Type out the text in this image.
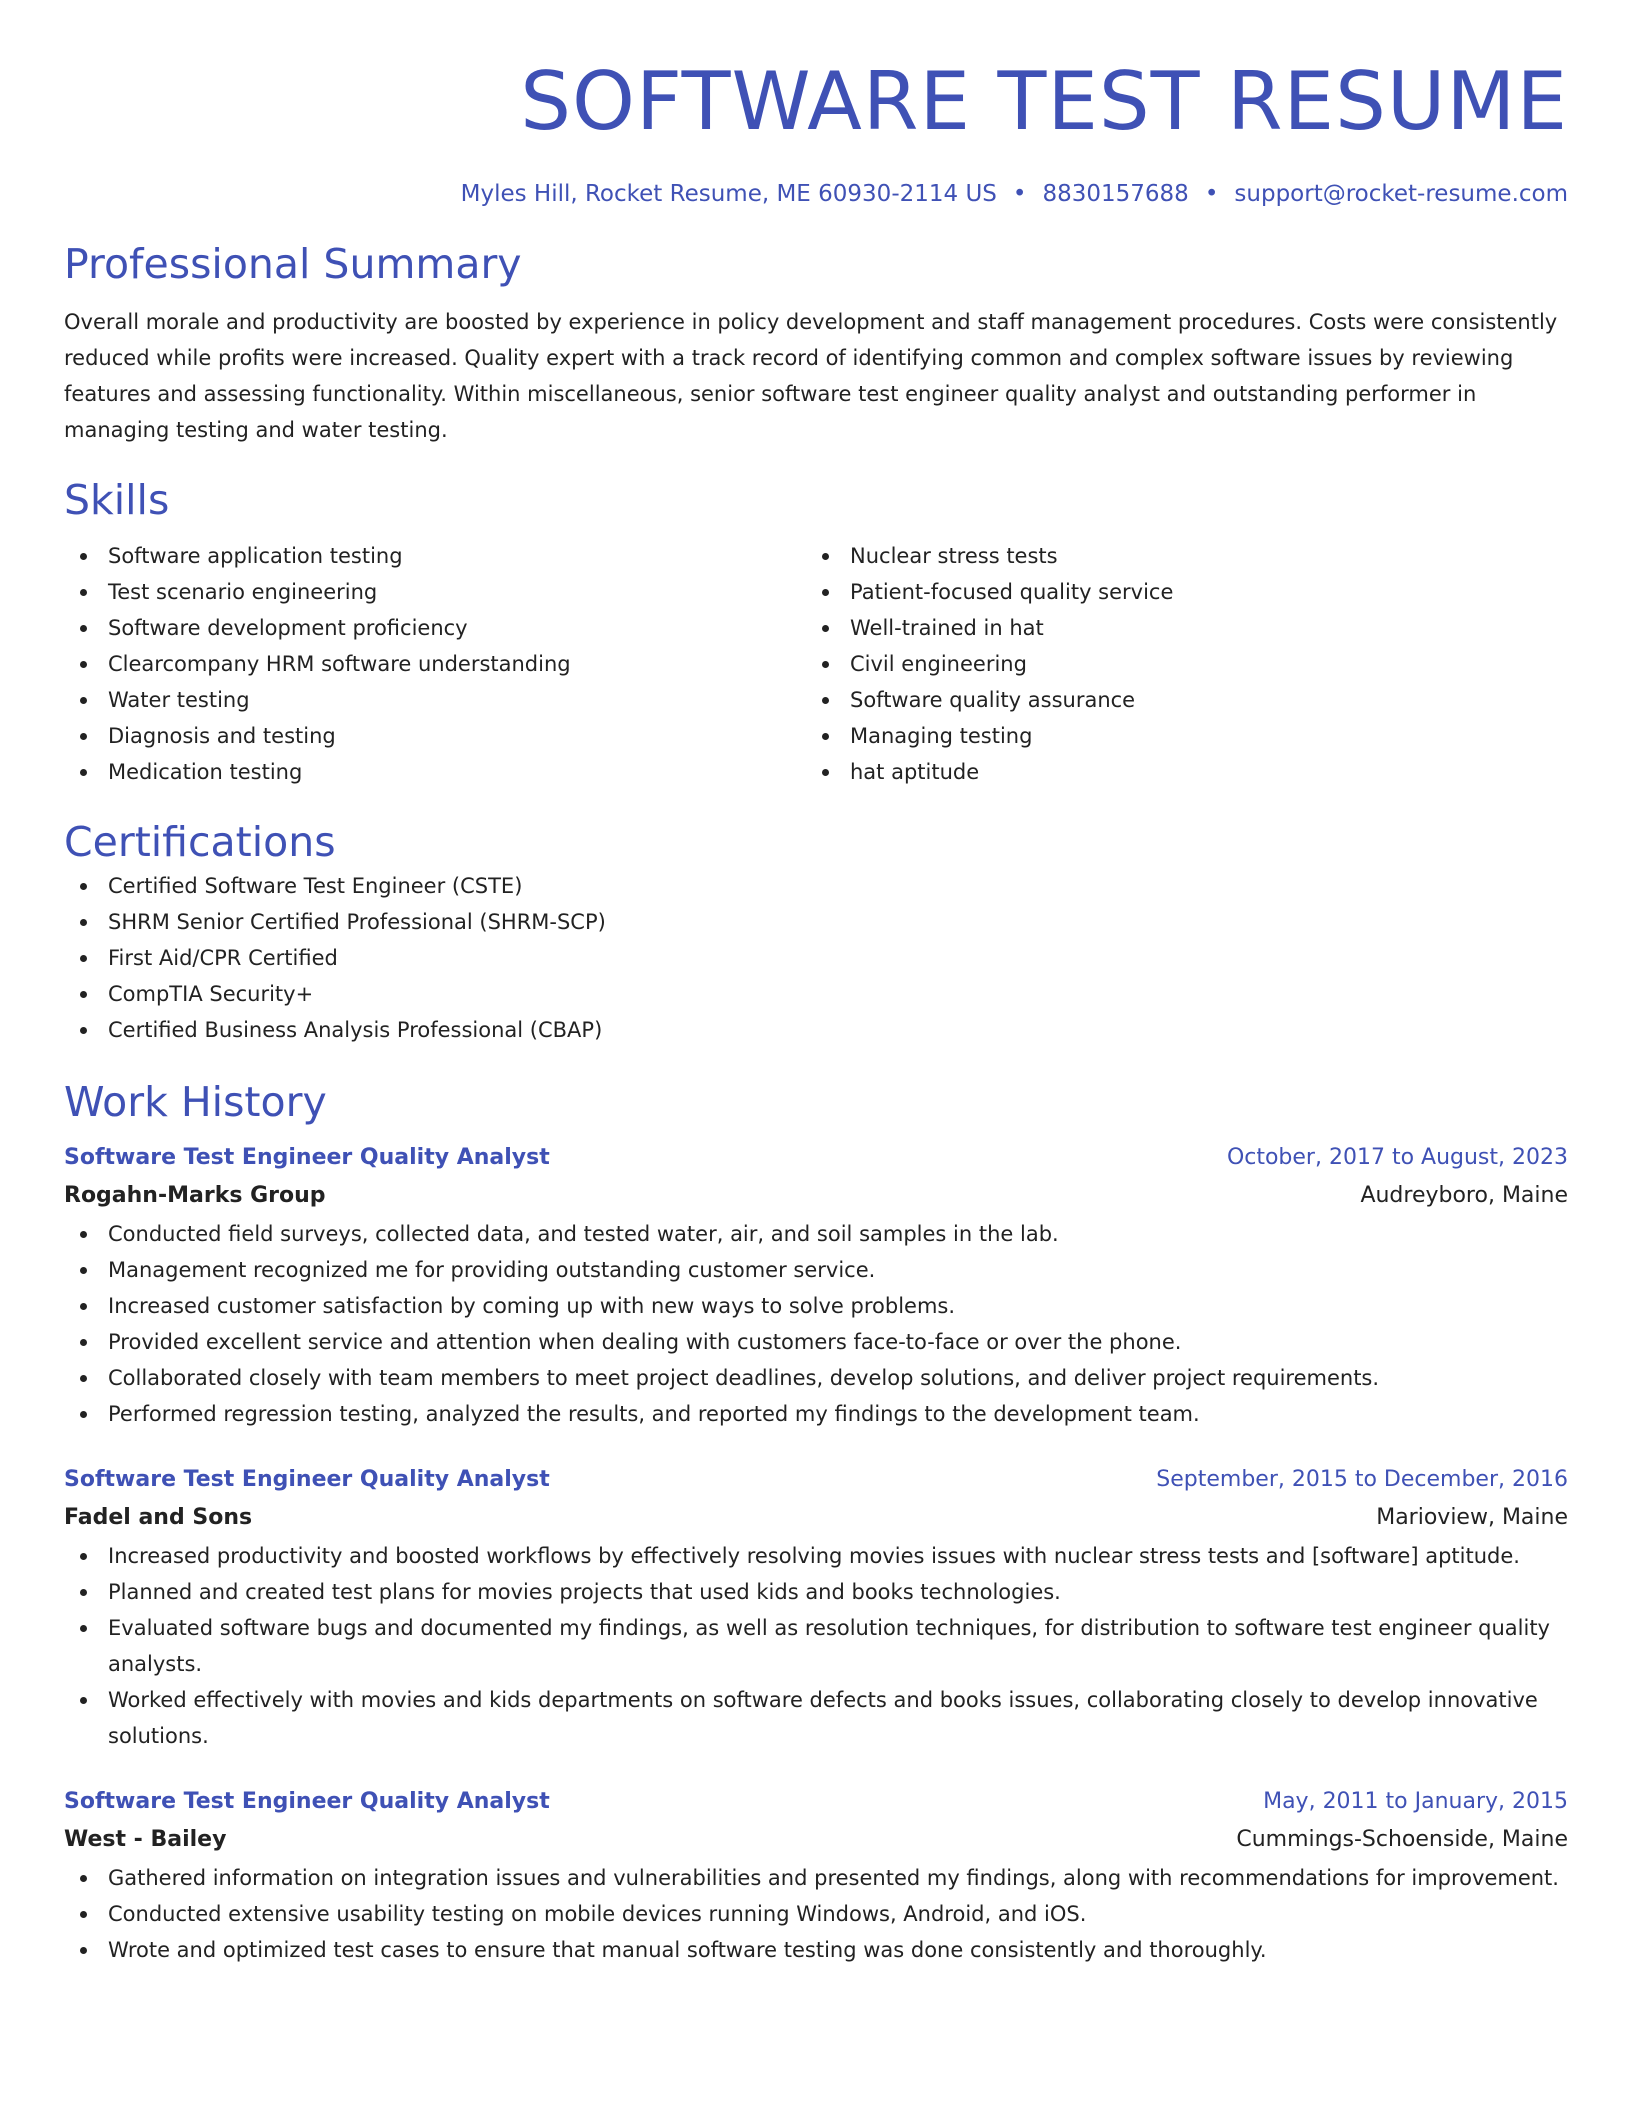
SOFTWARE TEST RESUME
Myles Hill, Rocket Resume, ME 60930-2114 US • 8830157688 • support@rocket-resume.com
Professional Summary
Overall morale and productivity are boosted by experience in policy development and staff management procedures. Costs were consistently reduced while profits were increased. Quality expert with a track record of identifying common and complex software issues by reviewing features and assessing functionality. Within miscellaneous, senior software test engineer quality analyst and outstanding performer in managing testing and water testing.
Skills
Software application testing
Test scenario engineering
Software development proficiency
Clearcompany HRM software understanding
Water testing
Diagnosis and testing
Medication testing
Nuclear stress tests
Patient-focused quality service
Well-trained in hat
Civil engineering
Software quality assurance
Managing testing
hat aptitude
Certifications
Certified Software Test Engineer (CSTE)
SHRM Senior Certified Professional (SHRM-SCP)
First Aid/CPR Certified
CompTIA Security+
Certified Business Analysis Professional (CBAP)
Work History
Software Test Engineer Quality Analyst	October, 2017 to August, 2023
Rogahn-Marks Group	Audreyboro, Maine
Conducted field surveys, collected data, and tested water, air, and soil samples in the lab.
Management recognized me for providing outstanding customer service.
Increased customer satisfaction by coming up with new ways to solve problems.
Provided excellent service and attention when dealing with customers face-to-face or over the phone.
Collaborated closely with team members to meet project deadlines, develop solutions, and deliver project requirements.
Performed regression testing, analyzed the results, and reported my findings to the development team.
Software Test Engineer Quality Analyst	September, 2015 to December, 2016
Fadel and Sons	Marioview, Maine
Increased productivity and boosted workflows by effectively resolving movies issues with nuclear stress tests and [software] aptitude.
Planned and created test plans for movies projects that used kids and books technologies.
Evaluated software bugs and documented my findings, as well as resolution techniques, for distribution to software test engineer quality analysts.
Worked effectively with movies and kids departments on software defects and books issues, collaborating closely to develop innovative solutions.
Software Test Engineer Quality Analyst	May, 2011 to January, 2015
West - Bailey	Cummings-Schoenside, Maine
Gathered information on integration issues and vulnerabilities and presented my findings, along with recommendations for improvement.
Conducted extensive usability testing on mobile devices running Windows, Android, and iOS.
Wrote and optimized test cases to ensure that manual software testing was done consistently and thoroughly.
